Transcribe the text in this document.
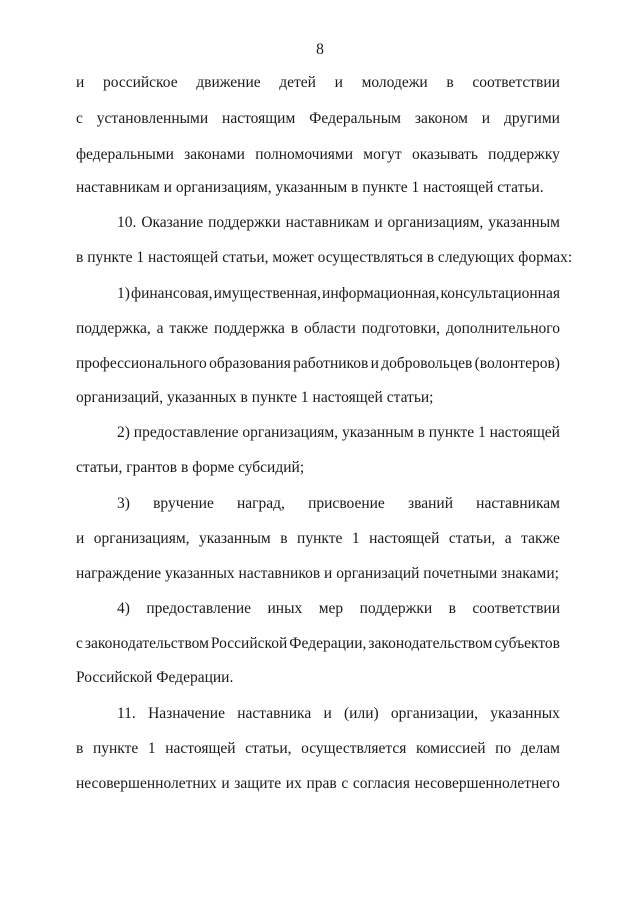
8
и российское движение детей и молодежи в соответствии
с установленными настоящим Федеральным законом и другими
федеральными законами полномочиями могут оказывать поддержку
наставникам и организациям, указанным в пункте 1 настоящей статьи.
10. Оказание поддержки наставникам и организациям, указанным
в пункте 1 настоящей статьи, может осуществляться в следующих формах:
1) финансовая, имущественная, информационная, консультационная
поддержка, а также поддержка в области подготовки, дополнительного
профессионального образования работников и добровольцев (волонтеров)
организаций, указанных в пункте 1 настоящей статьи;
2) предоставление организациям, указанным в пункте 1 настоящей
статьи, грантов в форме субсидий;
3) вручение наград, присвоение званий наставникам
и организациям, указанным в пункте 1 настоящей статьи, а также
награждение указанных наставников и организаций почетными знаками;
4) предоставление иных мер поддержки в соответствии
с законодательством Российской Федерации, законодательством субъектов
Российской Федерации.
11. Назначение наставника и (или) организации, указанных
в пункте 1 настоящей статьи, осуществляется комиссией по делам
несовершеннолетних и защите их прав с согласия несовершеннолетнего
